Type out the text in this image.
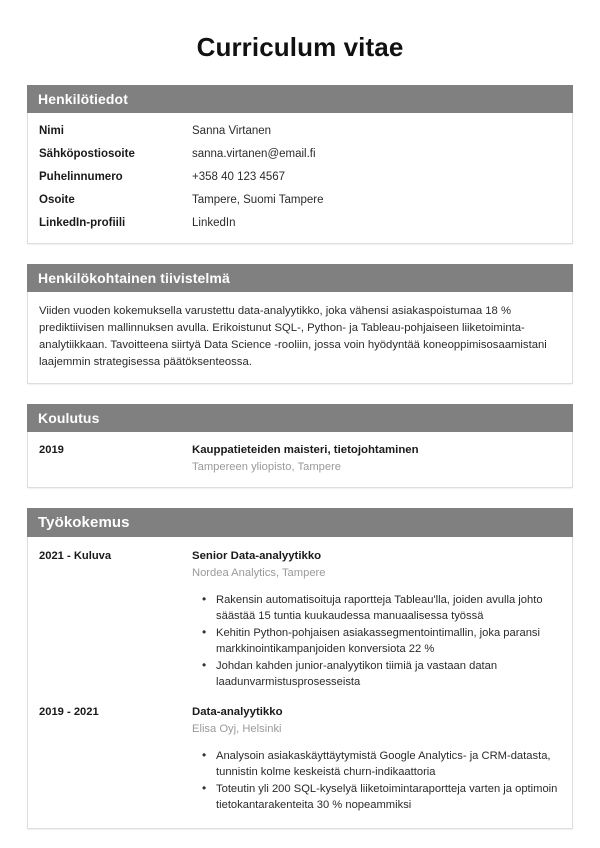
Curriculum vitae
Henkilötiedot
Nimi	Sanna Virtanen
Sähköpostiosoite	sanna.virtanen@email.fi
Puhelinnumero	+358 40 123 4567
Osoite	Tampere, Suomi Tampere
LinkedIn-profiili	LinkedIn
Henkilökohtainen tiivistelmä

Viiden vuoden kokemuksella varustettu data-analyytikko, joka vähensi asiakaspoistumaa 18 % prediktiivisen mallinnuksen avulla. Erikoistunut SQL-, Python- ja Tableau-pohjaiseen liiketoiminta-analytiikkaan. Tavoitteena siirtyä Data Science -rooliin, jossa voin hyödyntää koneoppimisosaamistani laajemmin strategisessa päätöksenteossa.

Koulutus
2019	Kauppatieteiden maisteri, tietojohtaminen
Tampereen yliopisto, Tampere
Työkokemus
2021 - Kuluva	Senior Data-analyytikko
Nordea Analytics, Tampere
• Rakensin automatisoituja raportteja Tableau'lla, joiden avulla johto säästää 15 tuntia kuukaudessa manuaalisessa työssä
• Kehitin Python-pohjaisen asiakassegmentointimallin, joka paransi markkinointikampanjoiden konversiota 22 %
• Johdan kahden junior-analyytikon tiimiä ja vastaan datan laadunvarmistusprosesseista
2019 - 2021	Data-analyytikko
Elisa Oyj, Helsinki
• Analysoin asiakaskäyttäytymistä Google Analytics- ja CRM-datasta, tunnistin kolme keskeistä churn-indikaattoria
• Toteutin yli 200 SQL-kyselyä liiketoimintaraportteja varten ja optimoin tietokantarakenteita 30 % nopeammiksi
